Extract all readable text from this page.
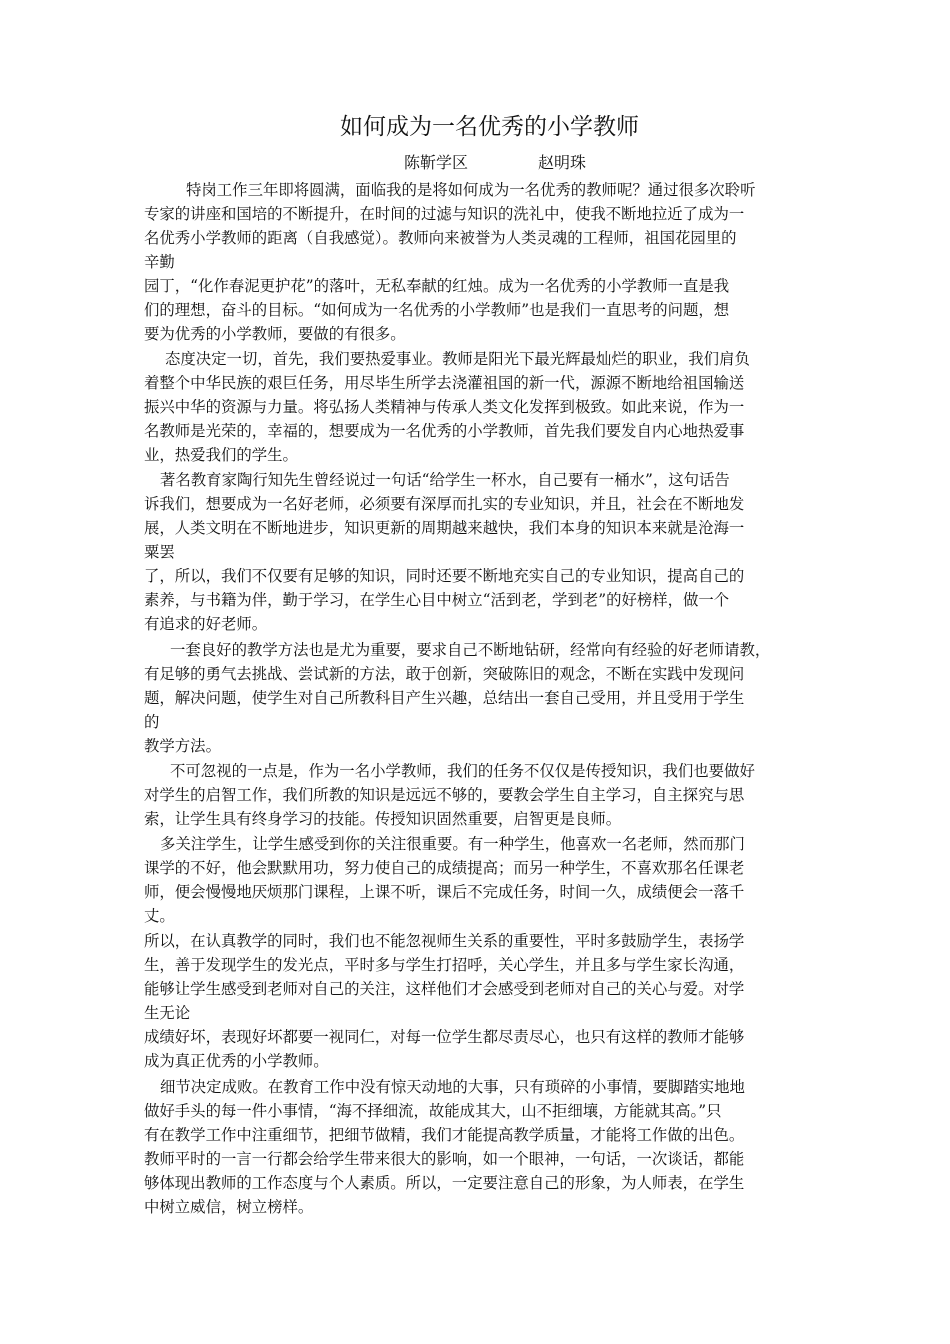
如何成为一名优秀的小学教师
陈靳学区	赵明珠
特岗工作三年即将圆满，面临我的是将如何成为一名优秀的教师呢？通过很多次聆听
专家的讲座和国培的不断提升，在时间的过滤与知识的洗礼中，使我不断地拉近了成为一
名优秀小学教师的距离（自我感觉）。教师向来被誉为人类灵魂的工程师，祖国花园里的
辛勤
园丁，“化作春泥更护花”的落叶，无私奉献的红烛。成为一名优秀的小学教师一直是我
们的理想，奋斗的目标。“如何成为一名优秀的小学教师”也是我们一直思考的问题，想
要为优秀的小学教师，要做的有很多。
态度决定一切，首先，我们要热爱事业。教师是阳光下最光辉最灿烂的职业，我们肩负
着整个中华民族的艰巨任务，用尽毕生所学去浇灌祖国的新一代，源源不断地给祖国输送
振兴中华的资源与力量。将弘扬人类精神与传承人类文化发挥到极致。如此来说，作为一
名教师是光荣的，幸福的，想要成为一名优秀的小学教师，首先我们要发自内心地热爱事
业，热爱我们的学生。
著名教育家陶行知先生曾经说过一句话“给学生一杯水，自己要有一桶水”，这句话告
诉我们，想要成为一名好老师，必须要有深厚而扎实的专业知识，并且，社会在不断地发
展，人类文明在不断地进步，知识更新的周期越来越快，我们本身的知识本来就是沧海一
粟罢
了，所以，我们不仅要有足够的知识，同时还要不断地充实自己的专业知识，提高自己的
素养，与书籍为伴，勤于学习，在学生心目中树立“活到老，学到老”的好榜样，做一个
有追求的好老师。
一套良好的教学方法也是尤为重要，要求自己不断地钻研，经常向有经验的好老师请教，
有足够的勇气去挑战、尝试新的方法，敢于创新，突破陈旧的观念，不断在实践中发现问
题，解决问题，使学生对自己所教科目产生兴趣，总结出一套自己受用，并且受用于学生
的
教学方法。
不可忽视的一点是，作为一名小学教师，我们的任务不仅仅是传授知识，我们也要做好
对学生的启智工作，我们所教的知识是远远不够的，要教会学生自主学习，自主探究与思
索，让学生具有终身学习的技能。传授知识固然重要，启智更是良师。
多关注学生，让学生感受到你的关注很重要。有一种学生，他喜欢一名老师，然而那门
课学的不好，他会默默用功，努力使自己的成绩提高；而另一种学生，不喜欢那名任课老
师，便会慢慢地厌烦那门课程，上课不听，课后不完成任务，时间一久，成绩便会一落千
丈。
所以，在认真教学的同时，我们也不能忽视师生关系的重要性，平时多鼓励学生，表扬学
生，善于发现学生的发光点，平时多与学生打招呼，关心学生，并且多与学生家长沟通，
能够让学生感受到老师对自己的关注，这样他们才会感受到老师对自己的关心与爱。对学
生无论
成绩好坏，表现好坏都要一视同仁，对每一位学生都尽责尽心，也只有这样的教师才能够
成为真正优秀的小学教师。
细节决定成败。在教育工作中没有惊天动地的大事，只有琐碎的小事情，要脚踏实地地
做好手头的每一件小事情，“海不择细流，故能成其大，山不拒细壤，方能就其高。”只
有在教学工作中注重细节，把细节做精，我们才能提高教学质量，才能将工作做的出色。
教师平时的一言一行都会给学生带来很大的影响，如一个眼神，一句话，一次谈话，都能
够体现出教师的工作态度与个人素质。所以，一定要注意自己的形象，为人师表，在学生
中树立威信，树立榜样。
